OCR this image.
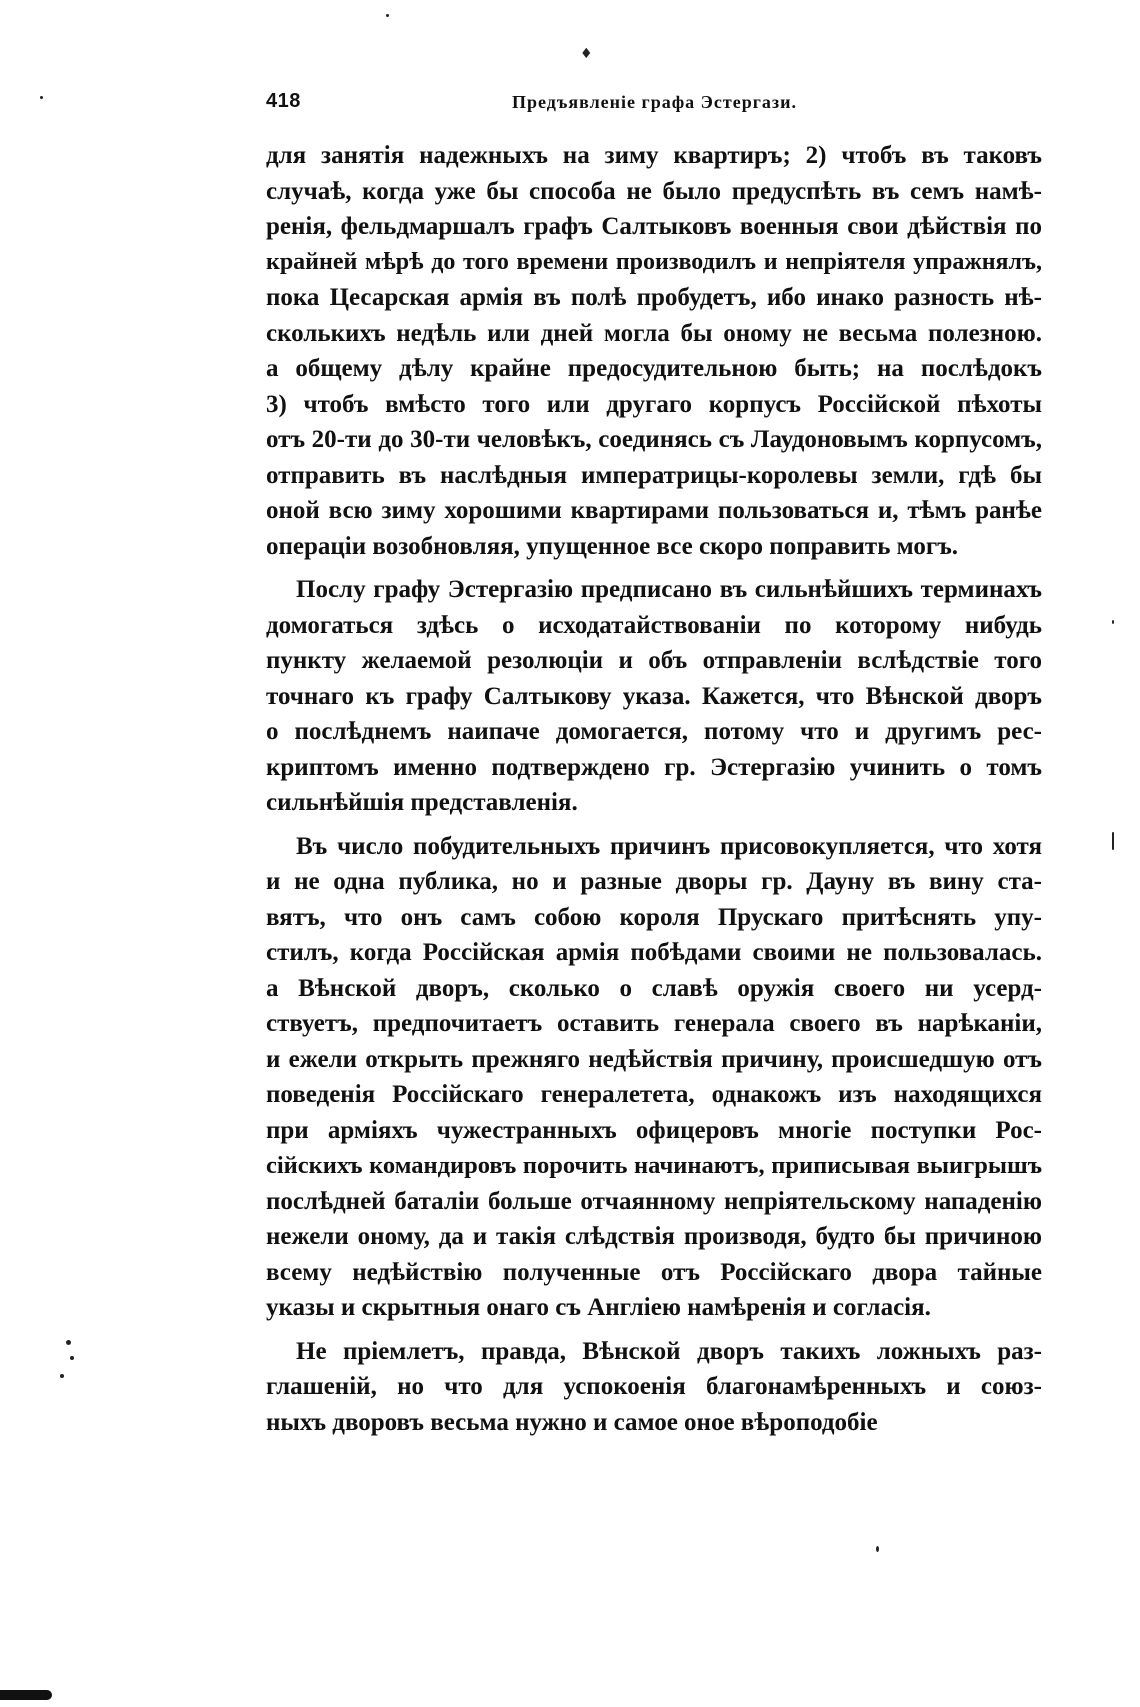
♦
418	Предъявленіе графа Эстергази.
для занятія надежныхъ на зиму квартиръ; 2) чтобъ въ таковъ
случаѣ, когда уже бы способа не было предуспѣть въ семъ намѣ-
ренія, фельдмаршалъ графъ Салтыковъ военныя свои дѣйствія по
крайней мѣрѣ до того времени производилъ и непріятеля упражнялъ,
пока Цесарская армія въ полѣ пробудетъ, ибо инако разность нѣ-
сколькихъ недѣль или дней могла бы оному не весьма полезною.
а общему дѣлу крайне предосудительною быть; на послѣдокъ
3) чтобъ вмѣсто того или другаго корпусъ Россійской пѣхоты
отъ 20-ти до 30-ти человѣкъ, соединясь съ Лаудоновымъ корпусомъ,
отправить въ наслѣдныя императрицы-королевы земли, гдѣ бы
оной всю зиму хорошими квартирами пользоваться и, тѣмъ ранѣе
операціи возобновляя, упущенное все скоро поправить могъ.
Послу графу Эстергазію предписано въ сильнѣйшихъ терминахъ
домогаться здѣсь о исходатайствованіи по которому нибудь
пункту желаемой резолюціи и объ отправленіи вслѣдствіе того
точнаго къ графу Салтыкову указа. Кажется, что Вѣнской дворъ
о послѣднемъ наипаче домогается, потому что и другимъ рес-
криптомъ именно подтверждено гр. Эстергазію учинить о томъ
сильнѣйшія представленія.
Въ число побудительныхъ причинъ присовокупляется, что хотя
и не одна публика, но и разные дворы гр. Дауну въ вину ста-
вятъ, что онъ самъ собою короля Прускаго притѣснять упу-
стилъ, когда Россійская армія побѣдами своими не пользовалась.
а Вѣнской дворъ, сколько о славѣ оружія своего ни усерд-
ствуетъ, предпочитаетъ оставить генерала своего въ нарѣканіи,
и ежели открыть прежняго недѣйствія причину, происшедшую отъ
поведенія Россійскаго генералетета, однакожъ изъ находящихся
при арміяхъ чужестранныхъ офицеровъ многіе поступки Рос-
сійскихъ командировъ порочить начинаютъ, приписывая выигрышъ
послѣдней баталіи больше отчаянному непріятельскому нападенію
нежели оному, да и такія слѣдствія производя, будто бы причиною
всему недѣйствію полученные отъ Россійскаго двора тайные
указы и скрытныя онаго съ Англіею намѣренія и согласія.
Не пріемлетъ, правда, Вѣнской дворъ такихъ ложныхъ раз-
глашеній, но что для успокоенія благонамѣренныхъ и союз-
ныхъ дворовъ весьма нужно и самое оное вѣроподобіе
